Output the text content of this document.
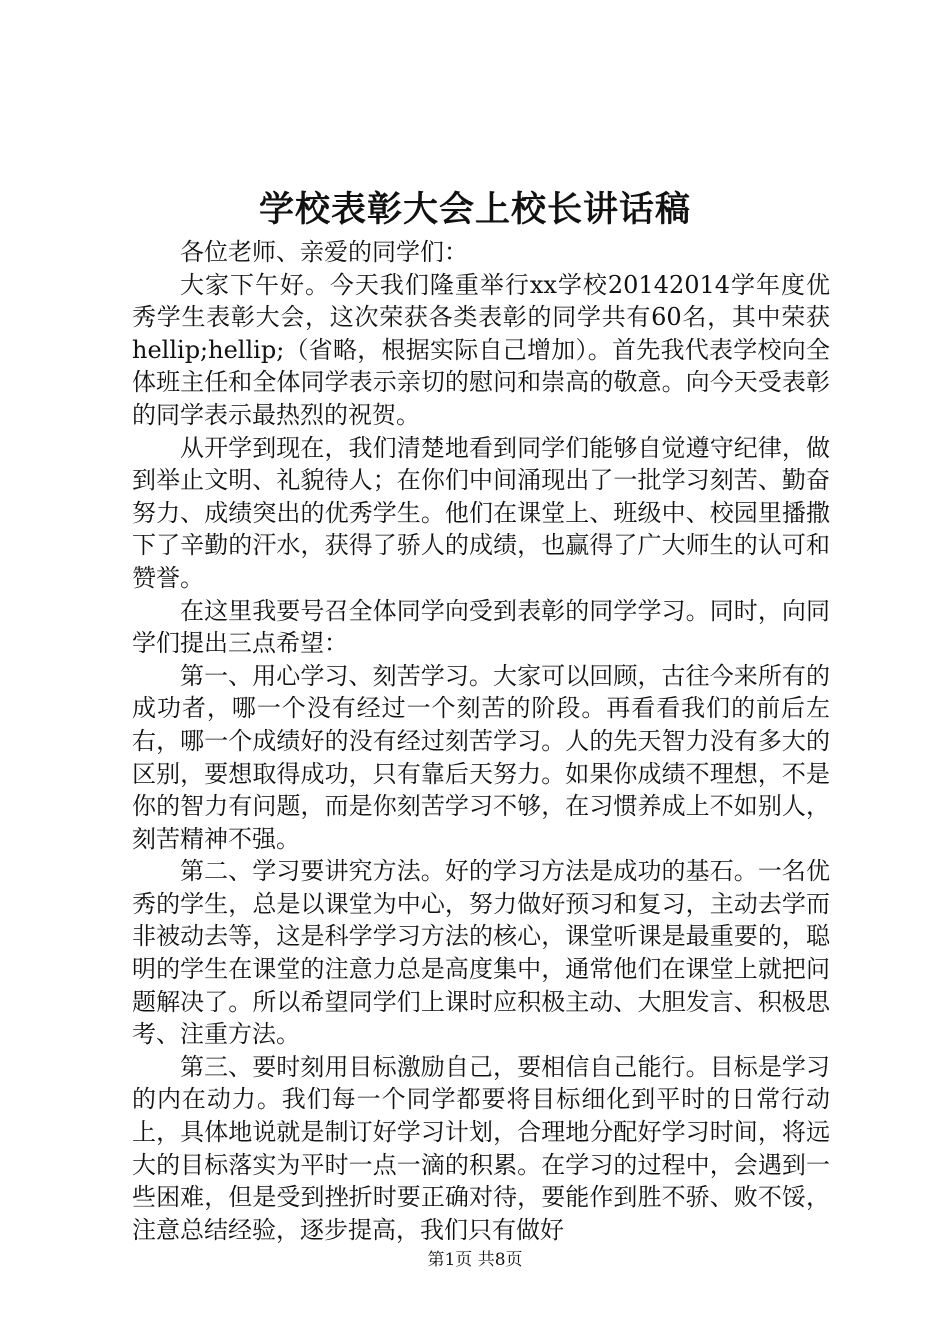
学校表彰大会上校长讲话稿

各位老师、亲爱的同学们：

大家下午好。今天我们隆重举行xx学校20142014学年度优秀学生表彰大会，这次荣获各类表彰的同学共有60名，其中荣获hellip;hellip;（省略，根据实际自己增加）。首先我代表学校向全体班主任和全体同学表示亲切的慰问和崇高的敬意。向今天受表彰的同学表示最热烈的祝贺。

从开学到现在，我们清楚地看到同学们能够自觉遵守纪律，做到举止文明、礼貌待人；在你们中间涌现出了一批学习刻苦、勤奋努力、成绩突出的优秀学生。他们在课堂上、班级中、校园里播撒下了辛勤的汗水，获得了骄人的成绩，也赢得了广大师生的认可和赞誉。

在这里我要号召全体同学向受到表彰的同学学习。同时，向同学们提出三点希望：

第一、用心学习、刻苦学习。大家可以回顾，古往今来所有的成功者，哪一个没有经过一个刻苦的阶段。再看看我们的前后左右，哪一个成绩好的没有经过刻苦学习。人的先天智力没有多大的区别，要想取得成功，只有靠后天努力。如果你成绩不理想，不是你的智力有问题，而是你刻苦学习不够，在习惯养成上不如别人，刻苦精神不强。

第二、学习要讲究方法。好的学习方法是成功的基石。一名优秀的学生，总是以课堂为中心，努力做好预习和复习，主动去学而非被动去等，这是科学学习方法的核心，课堂听课是最重要的，聪明的学生在课堂的注意力总是高度集中，通常他们在课堂上就把问题解决了。所以希望同学们上课时应积极主动、大胆发言、积极思考、注重方法。

第三、要时刻用目标激励自己，要相信自己能行。目标是学习的内在动力。我们每一个同学都要将目标细化到平时的日常行动上，具体地说就是制订好学习计划，合理地分配好学习时间，将远大的目标落实为平时一点一滴的积累。在学习的过程中，会遇到一些困难，但是受到挫折时要正确对待，要能作到胜不骄、败不馁，注意总结经验，逐步提高，我们只有做好

第1页 共8页
